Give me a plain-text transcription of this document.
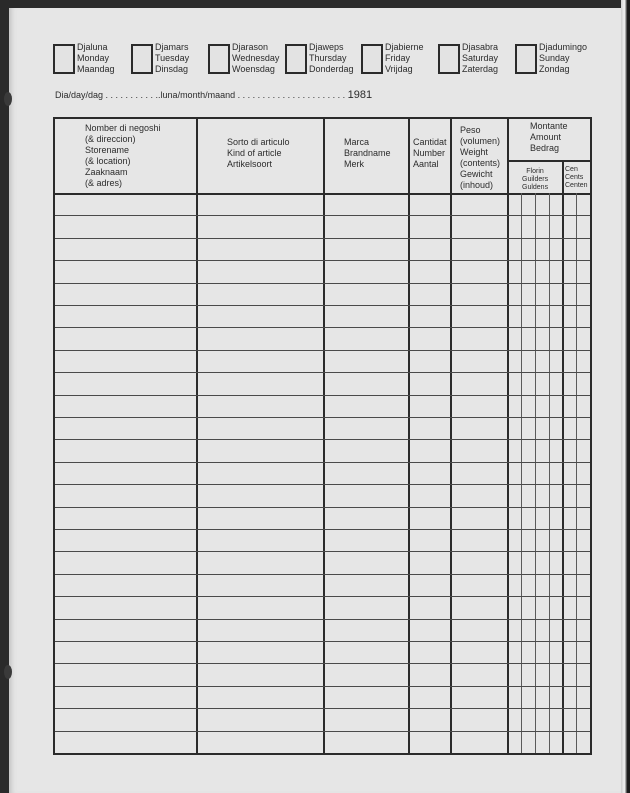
Djaluna
Monday
Maandag
Djamars
Tuesday
Dinsdag
Djarason
Wednesday
Woensdag
Djaweps
Thursday
Donderdag
Djabierne
Friday
Vrijdag
Djasabra
Saturday
Zaterdag
Djadumingo
Sunday
Zondag
Dia/day/dag . . . . . . . . . . ..luna/month/maand . . . . . . . . . . . . . . . . . . . . . . 1981
Nomber di negoshi
(& direccion)
Storename
(& location)
Zaaknaam
(& adres)
Sorto di articulo
Kind of article
Artikelsoort
Marca
Brandname
Merk
Cantidat
Number
Aantal
Peso
(volumen)
Weight
(contents)
Gewicht
(inhoud)
Montante
Amount
Bedrag
Florin
Guilders
Guldens
Cen
Cents
Centen
